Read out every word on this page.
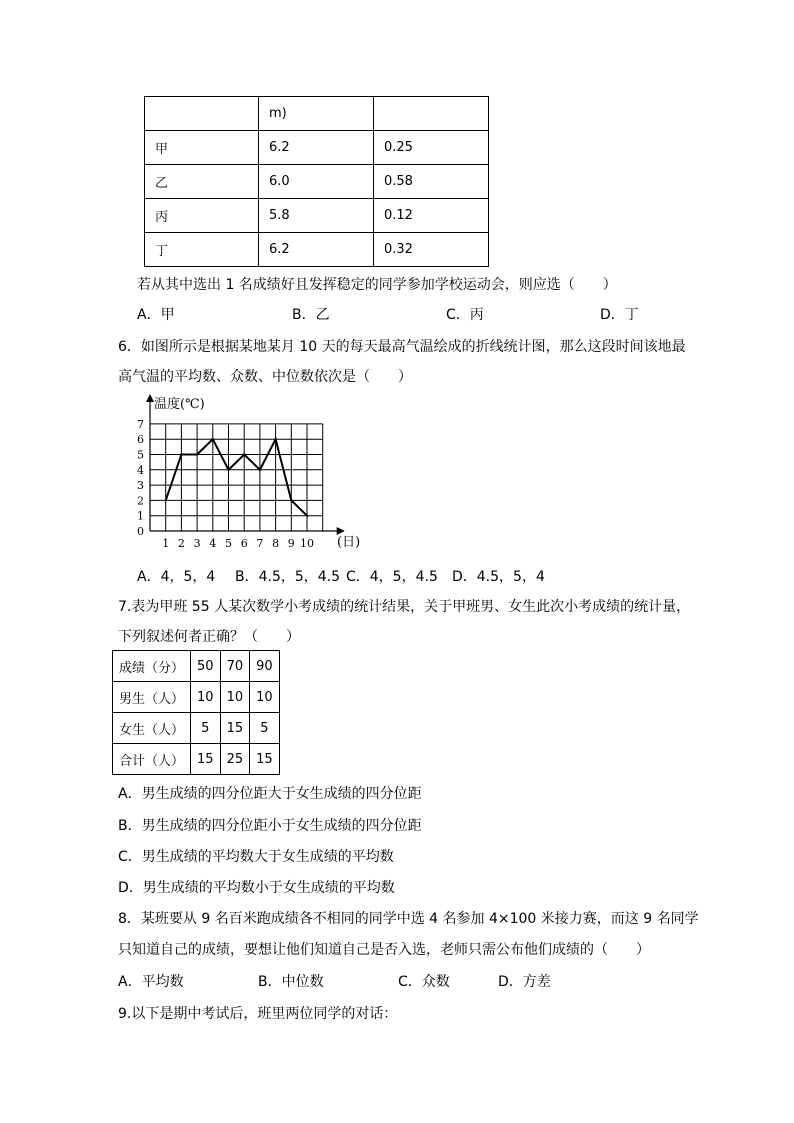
	m)	
甲	6.2	0.25
乙	6.0	0.58
丙	5.8	0.12
丁	6.2	0.32
若从其中选出 1 名成绩好且发挥稳定的同学参加学校运动会，则应选（　　）
A．甲	B．乙	C．丙	D．丁
6．如图所示是根据某地某月 10 天的每天最高气温绘成的折线统计图，那么这段时间该地最
高气温的平均数、众数、中位数依次是（　　）
温度(℃)
0
1
2
3
4
5
6
7
1 2 3 4 5 6 7 8 9 10 (日)
A．4，5，4 B．4.5，5，4.5 C．4，5，4.5 D．4.5，5，4
7.表为甲班 55 人某次数学小考成绩的统计结果，关于甲班男、女生此次小考成绩的统计量，
下列叙述何者正确？（　　）
成绩（分）	50	70	90
男生（人）	10	10	10
女生（人）	5	15	5
合计（人）	15	25	15
A．男生成绩的四分位距大于女生成绩的四分位距
B．男生成绩的四分位距小于女生成绩的四分位距
C．男生成绩的平均数大于女生成绩的平均数
D．男生成绩的平均数小于女生成绩的平均数
8．某班要从 9 名百米跑成绩各不相同的同学中选 4 名参加 4×100 米接力赛，而这 9 名同学
只知道自己的成绩，要想让他们知道自己是否入选，老师只需公布他们成绩的（　　）
A．平均数	B．中位数	C．众数	D．方差
9.以下是期中考试后，班里两位同学的对话：
